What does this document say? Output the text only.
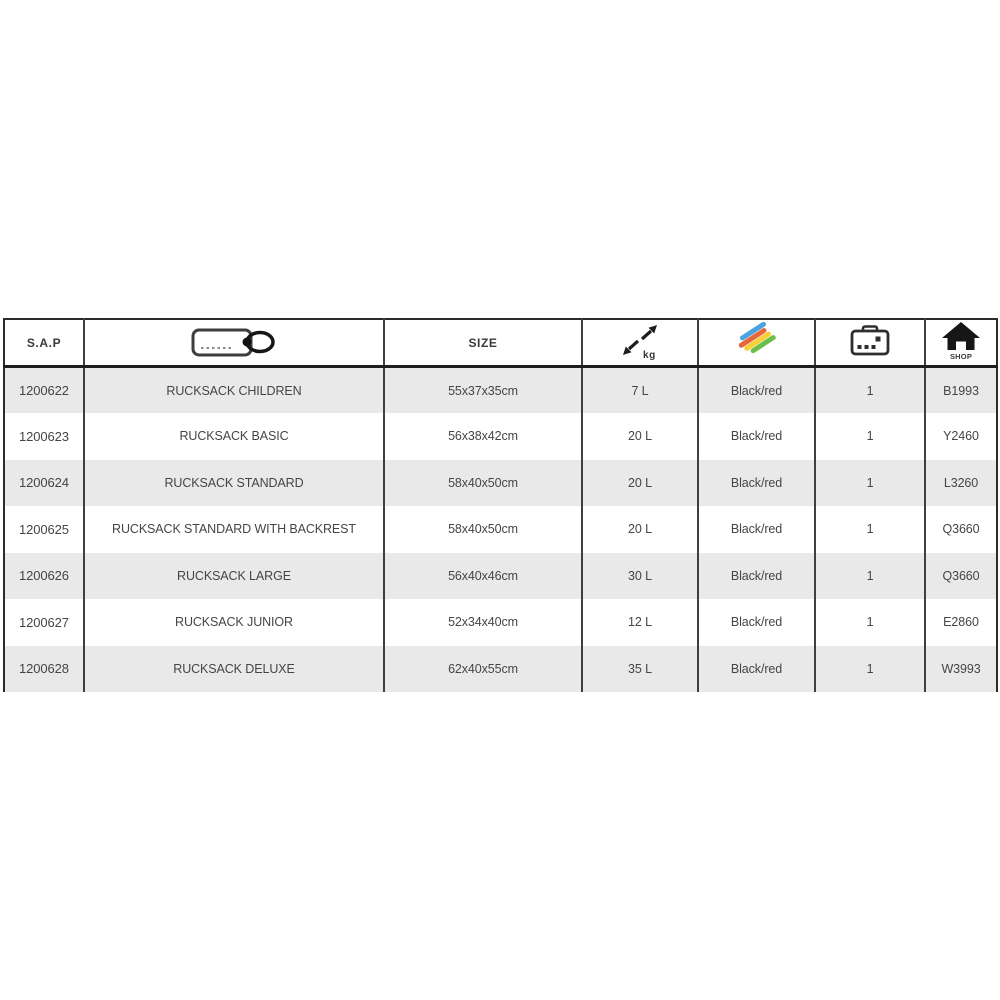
S.A.P		SIZE	kg			SHOP

1200622	RUCKSACK CHILDREN	55x37x35cm	7 L	Black/red	1	B1993
1200623	RUCKSACK BASIC	56x38x42cm	20 L	Black/red	1	Y2460
1200624	RUCKSACK STANDARD	58x40x50cm	20 L	Black/red	1	L3260
1200625	RUCKSACK STANDARD WITH BACKREST	58x40x50cm	20 L	Black/red	1	Q3660
1200626	RUCKSACK LARGE	56x40x46cm	30 L	Black/red	1	Q3660
1200627	RUCKSACK JUNIOR	52x34x40cm	12 L	Black/red	1	E2860
1200628	RUCKSACK DELUXE	62x40x55cm	35 L	Black/red	1	W3993
